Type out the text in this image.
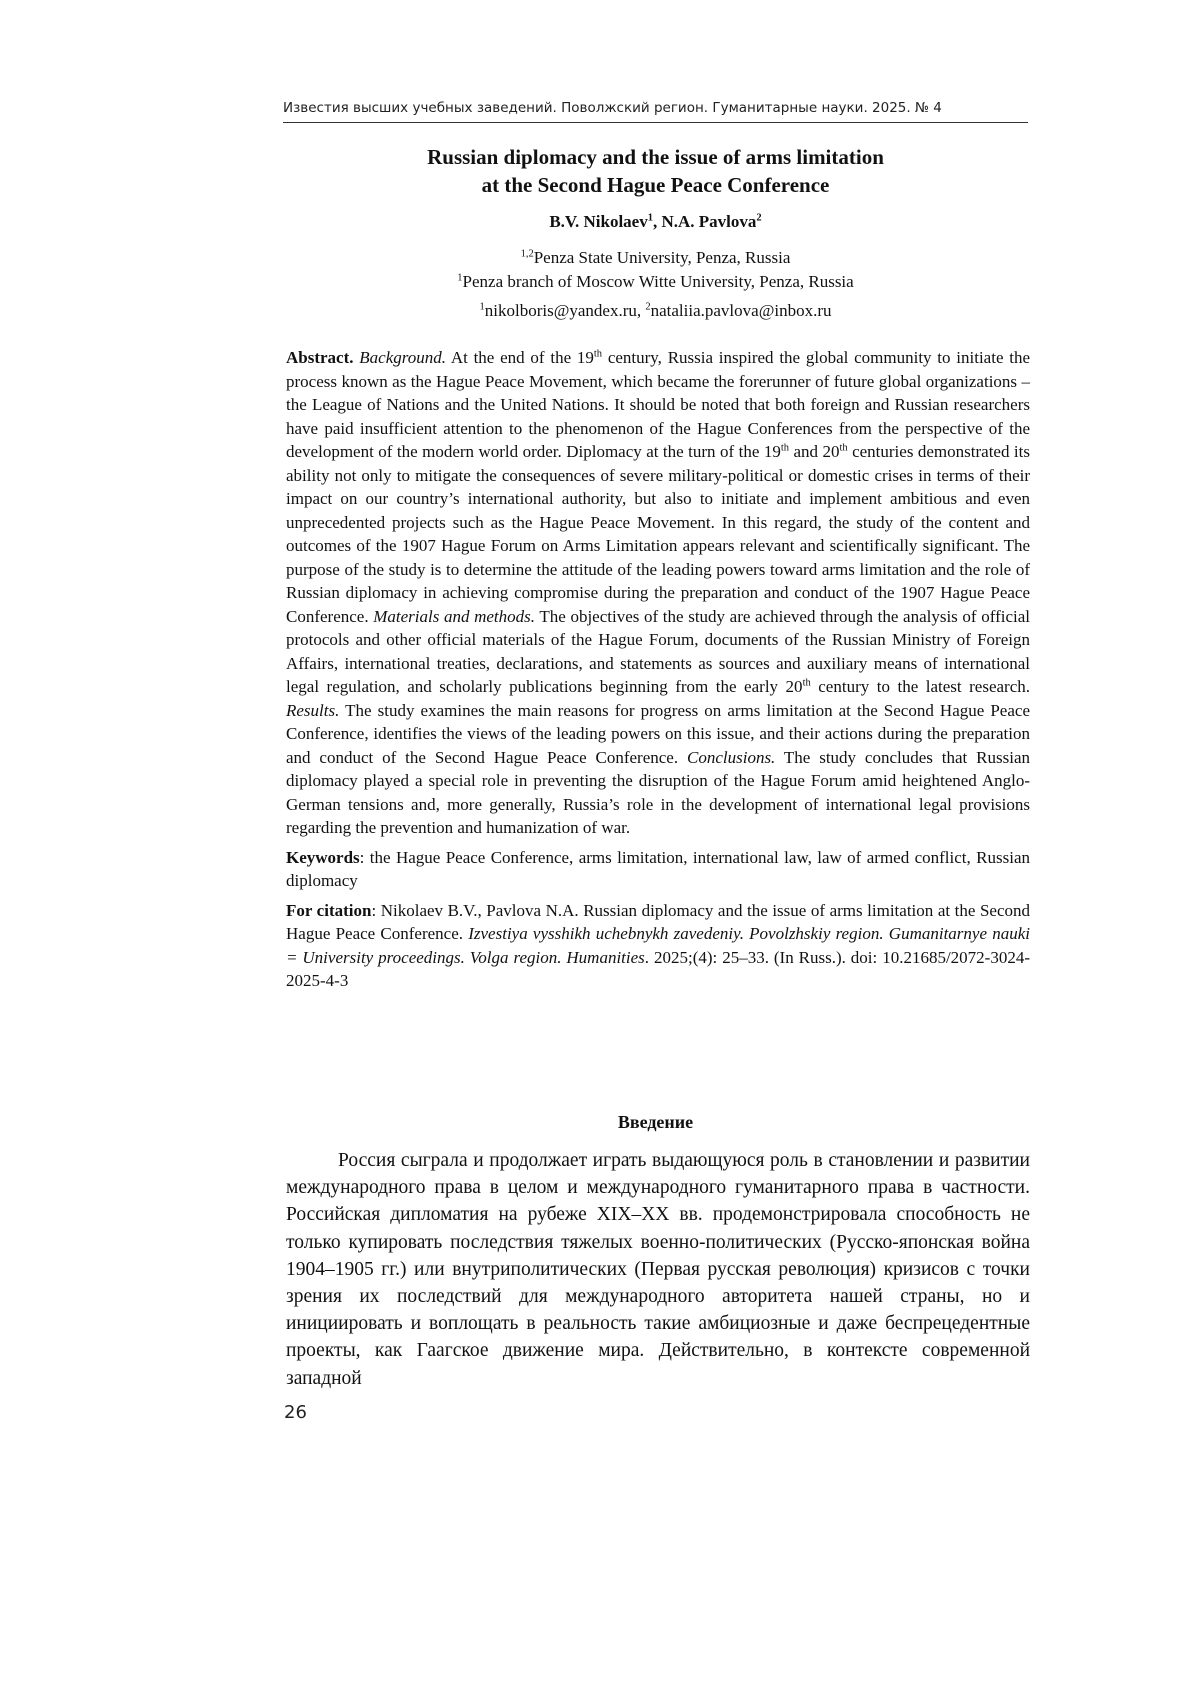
Известия высших учебных заведений. Поволжский регион. Гуманитарные науки. 2025. № 4
Russian diplomacy and the issue of arms limitation
at the Second Hague Peace Conference
B.V. Nikolaev$^1$, N.A. Pavlova$^2$
$^{1,2}$Penza State University, Penza, Russia
$^1$Penza branch of Moscow Witte University, Penza, Russia
$^1$nikolboris@yandex.ru, $^2$nataliia.pavlova@inbox.ru

Abstract. Background. At the end of the 19th century, Russia inspired the global community to initiate the process known as the Hague Peace Movement, which became the forerunner of future global organizations – the League of Nations and the United Nations. It should be noted that both foreign and Russian researchers have paid insufficient attention to the phenomenon of the Hague Conferences from the perspective of the development of the modern world order. Diplomacy at the turn of the 19th and 20th centuries demonstrated its ability not only to mitigate the consequences of severe military-political or domestic crises in terms of their impact on our country’s international authority, but also to initiate and implement ambitious and even unprecedented projects such as the Hague Peace Movement. In this regard, the study of the content and outcomes of the 1907 Hague Forum on Arms Limitation appears relevant and scientifically significant. The purpose of the study is to determine the attitude of the leading powers toward arms limitation and the role of Russian diplomacy in achieving compromise during the preparation and conduct of the 1907 Hague Peace Conference. Materials and methods. The objectives of the study are achieved through the analysis of official protocols and other official materials of the Hague Forum, documents of the Russian Ministry of Foreign Affairs, international treaties, declarations, and statements as sources and auxiliary means of international legal regulation, and scholarly publications beginning from the early 20th century to the latest research. Results. The study examines the main reasons for progress on arms limitation at the Second Hague Peace Conference, identifies the views of the leading powers on this issue, and their actions during the preparation and conduct of the Second Hague Peace Conference. Conclusions. The study concludes that Russian diplomacy played a special role in preventing the disruption of the Hague Forum amid heightened Anglo-German tensions and, more generally, Russia’s role in the development of international legal provisions regarding the prevention and humanization of war.

Keywords: the Hague Peace Conference, arms limitation, international law, law of armed conflict, Russian diplomacy

For citation: Nikolaev B.V., Pavlova N.A. Russian diplomacy and the issue of arms limitation at the Second Hague Peace Conference. Izvestiya vysshikh uchebnykh zavedeniy. Povolzhskiy region. Gumanitarnye nauki = University proceedings. Volga region. Humanities. 2025;(4): 25–33. (In Russ.). doi: 10.21685/2072-3024-2025-4-3

Введение

Россия сыграла и продолжает играть выдающуюся роль в становлении и развитии международного права в целом и международного гуманитарного права в частности. Российская дипломатия на рубеже XIX–XX вв. продемонстрировала способность не только купировать последствия тяжелых военно-политических (Русско-японская война 1904–1905 гг.) или внутриполитических (Первая русская революция) кризисов с точки зрения их последствий для международного авторитета нашей страны, но и инициировать и воплощать в реальность такие амбициозные и даже беспрецедентные проекты, как Гаагское движение мира. Действительно, в контексте современной западной

26
